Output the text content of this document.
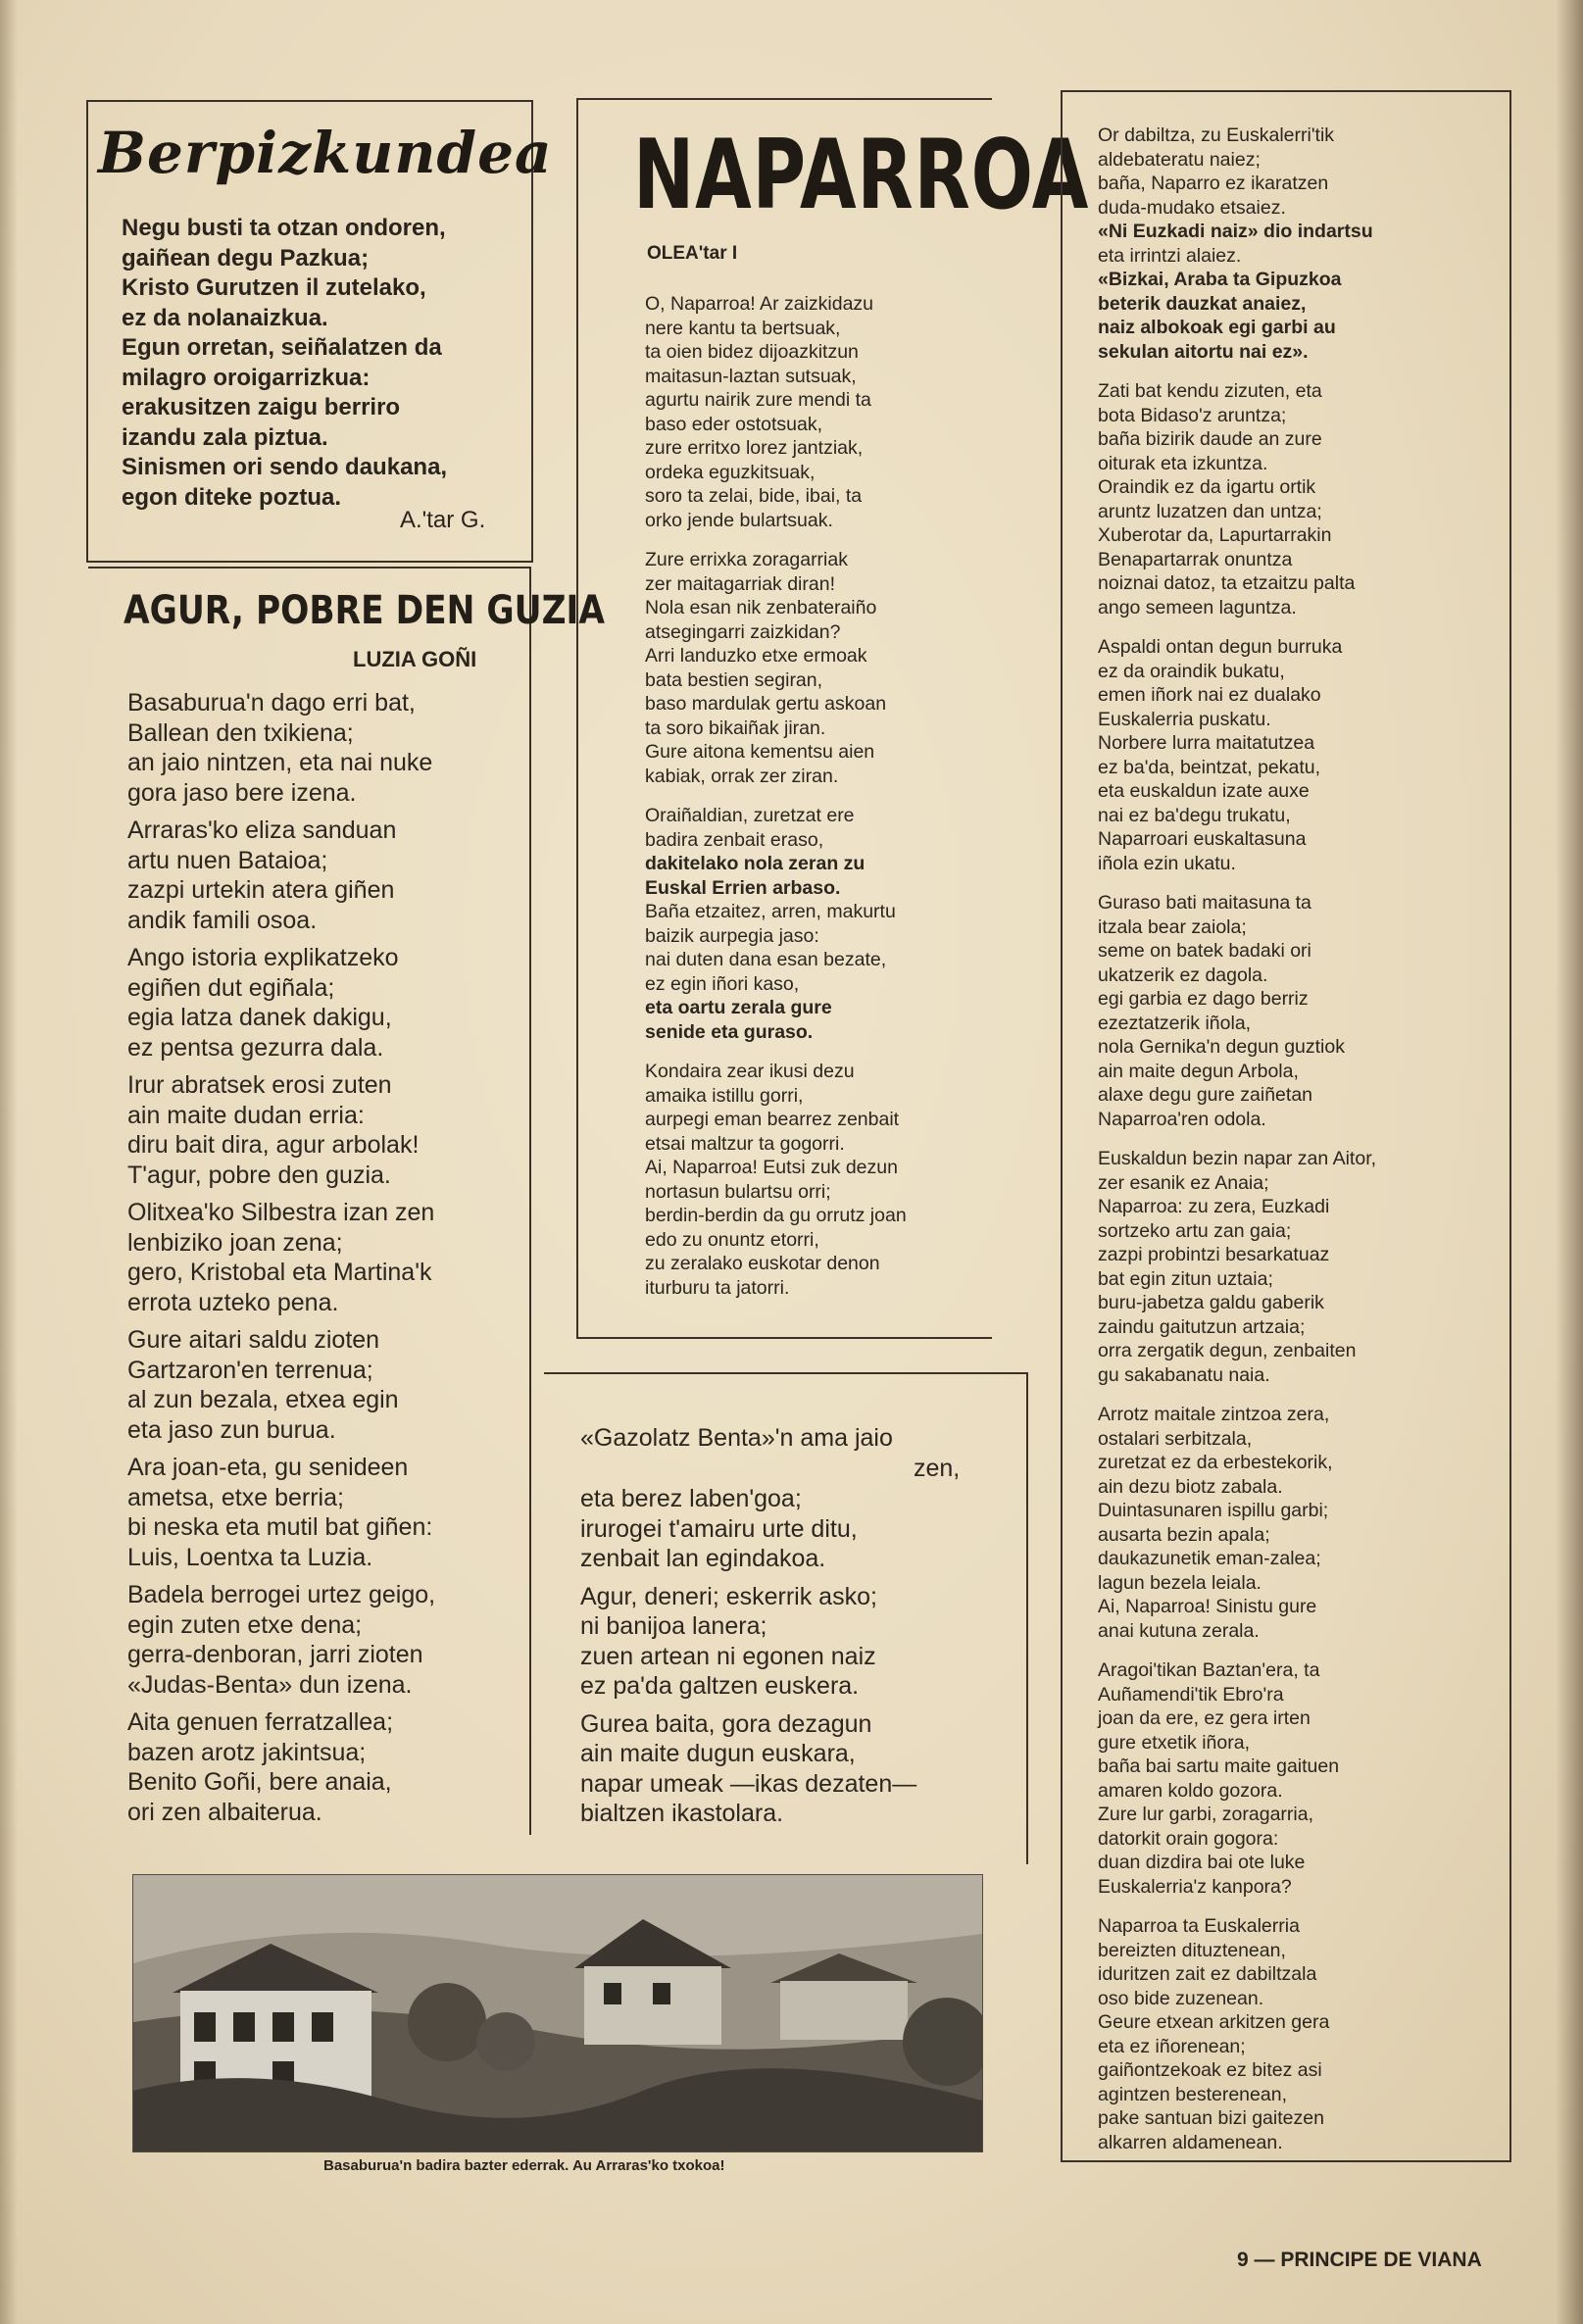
Berpizkundea
Negu busti ta otzan ondoren,
gaiñean degu Pazkua;
Kristo Gurutzen il zutelako,
ez da nolanaizkua.
Egun orretan, seiñalatzen da
milagro oroigarrizkua:
erakusitzen zaigu berriro
izandu zala piztua.
Sinismen ori sendo daukana,
egon diteke poztua.
A.'tar G.
AGUR, POBRE DEN GUZIA
LUZIA GOÑI
Basaburua'n dago erri bat,
Ballean den txikiena;
an jaio nintzen, eta nai nuke
gora jaso bere izena.
Arraras'ko eliza sanduan
artu nuen Bataioa;
zazpi urtekin atera giñen
andik famili osoa.
Ango istoria explikatzeko
egiñen dut egiñala;
egia latza danek dakigu,
ez pentsa gezurra dala.
Irur abratsek erosi zuten
ain maite dudan erria:
diru bait dira, agur arbolak!
T'agur, pobre den guzia.
Olitxea'ko Silbestra izan zen
lenbiziko joan zena;
gero, Kristobal eta Martina'k
errota uzteko pena.
Gure aitari saldu zioten
Gartzaron'en terrenua;
al zun bezala, etxea egin
eta jaso zun burua.
Ara joan-eta, gu senideen
ametsa, etxe berria;
bi neska eta mutil bat giñen:
Luis, Loentxa ta Luzia.
Badela berrogei urtez geigo,
egin zuten etxe dena;
gerra-denboran, jarri zioten
«Judas-Benta» dun izena.
Aita genuen ferratzallea;
bazen arotz jakintsua;
Benito Goñi, bere anaia,
ori zen albaiterua.
NAPARROA
OLEA'tar I
O, Naparroa! Ar zaizkidazu
nere kantu ta bertsuak,
ta oien bidez dijoazkitzun
maitasun-laztan sutsuak,
agurtu nairik zure mendi ta
baso eder ostotsuak,
zure erritxo lorez jantziak,
ordeka eguzkitsuak,
soro ta zelai, bide, ibai, ta
orko jende bulartsuak.
Zure errixka zoragarriak
zer maitagarriak diran!
Nola esan nik zenbateraiño
atsegingarri zaizkidan?
Arri landuzko etxe ermoak
bata bestien segiran,
baso mardulak gertu askoan
ta soro bikaiñak jiran.
Gure aitona kementsu aien
kabiak, orrak zer ziran.
Oraiñaldian, zuretzat ere
badira zenbait eraso,
dakitelako nola zeran zu
Euskal Errien arbaso.
Baña etzaitez, arren, makurtu
baizik aurpegia jaso:
nai duten dana esan bezate,
ez egin iñori kaso,
eta oartu zerala gure
senide eta guraso.
Kondaira zear ikusi dezu
amaika istillu gorri,
aurpegi eman bearrez zenbait
etsai maltzur ta gogorri.
Ai, Naparroa! Eutsi zuk dezun
nortasun bulartsu orri;
berdin-berdin da gu orrutz joan
edo zu onuntz etorri,
zu zeralako euskotar denon
iturburu ta jatorri.
«Gazolatz Benta»'n ama jaio
zen,
eta berez laben'goa;
irurogei t'amairu urte ditu,
zenbait lan egindakoa.
Agur, deneri; eskerrik asko;
ni banijoa lanera;
zuen artean ni egonen naiz
ez pa'da galtzen euskera.
Gurea baita, gora dezagun
ain maite dugun euskara,
napar umeak —ikas dezaten—
bialtzen ikastolara.
Or dabiltza, zu Euskalerri'tik
aldebateratu naiez;
baña, Naparro ez ikaratzen
duda-mudako etsaiez.
«Ni Euzkadi naiz» dio indartsu
eta irrintzi alaiez.
«Bizkai, Araba ta Gipuzkoa
beterik dauzkat anaiez,
naiz albokoak egi garbi au
sekulan aitortu nai ez».
Zati bat kendu zizuten, eta
bota Bidaso'z aruntza;
baña bizirik daude an zure
oiturak eta izkuntza.
Oraindik ez da igartu ortik
aruntz luzatzen dan untza;
Xuberotar da, Lapurtarrakin
Benapartarrak onuntza
noiznai datoz, ta etzaitzu palta
ango semeen laguntza.
Aspaldi ontan degun burruka
ez da oraindik bukatu,
emen iñork nai ez dualako
Euskalerria puskatu.
Norbere lurra maitatutzea
ez ba'da, beintzat, pekatu,
eta euskaldun izate auxe
nai ez ba'degu trukatu,
Naparroari euskaltasuna
iñola ezin ukatu.
Guraso bati maitasuna ta
itzala bear zaiola;
seme on batek badaki ori
ukatzerik ez dagola.
egi garbia ez dago berriz
ezeztatzerik iñola,
nola Gernika'n degun guztiok
ain maite degun Arbola,
alaxe degu gure zaiñetan
Naparroa'ren odola.
Euskaldun bezin napar zan Aitor,
zer esanik ez Anaia;
Naparroa: zu zera, Euzkadi
sortzeko artu zan gaia;
zazpi probintzi besarkatuaz
bat egin zitun uztaia;
buru-jabetza galdu gaberik
zaindu gaitutzun artzaia;
orra zergatik degun, zenbaiten
gu sakabanatu naia.
Arrotz maitale zintzoa zera,
ostalari serbitzala,
zuretzat ez da erbestekorik,
ain dezu biotz zabala.
Duintasunaren ispillu garbi;
ausarta bezin apala;
daukazunetik eman-zalea;
lagun bezela leiala.
Ai, Naparroa! Sinistu gure
anai kutuna zerala.
Aragoi'tikan Baztan'era, ta
Auñamendi'tik Ebro'ra
joan da ere, ez gera irten
gure etxetik iñora,
baña bai sartu maite gaituen
amaren koldo gozora.
Zure lur garbi, zoragarria,
datorkit orain gogora:
duan dizdira bai ote luke
Euskalerria'z kanpora?
Naparroa ta Euskalerria
bereizten dituztenean,
iduritzen zait ez dabiltzala
oso bide zuzenean.
Geure etxean arkitzen gera
eta ez iñorenean;
gaiñontzekoak ez bitez asi
agintzen besterenean,
pake santuan bizi gaitezen
alkarren aldamenean.
Basaburua'n badira bazter ederrak. Au Arraras'ko txokoa!
9 — PRINCIPE DE VIANA
